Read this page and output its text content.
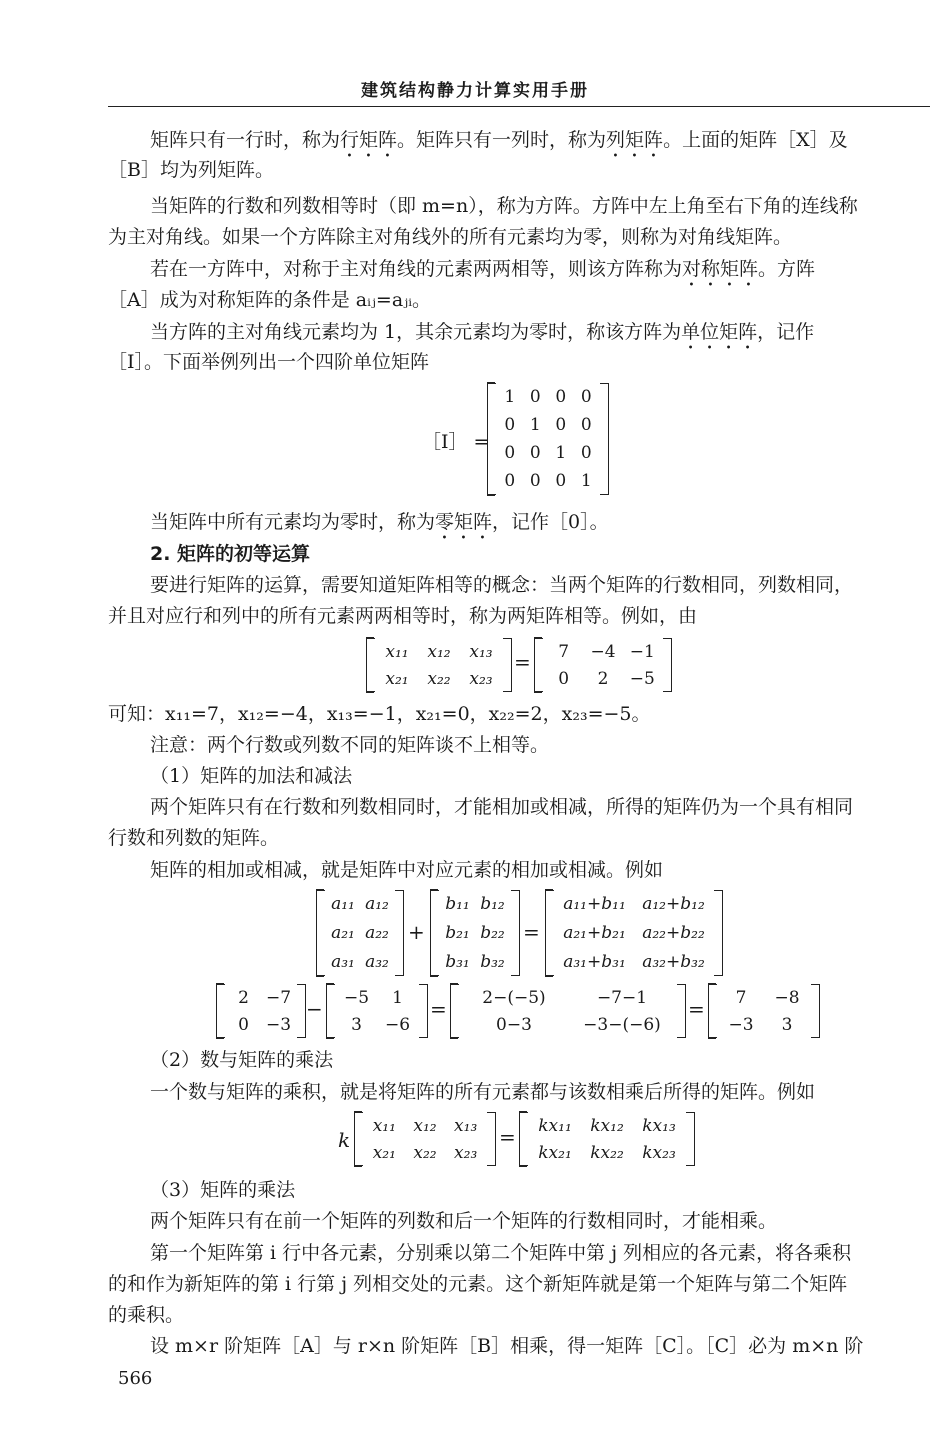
建筑结构静力计算实用手册
矩阵只有一行时，称为行矩阵。矩阵只有一列时，称为列矩阵。上面的矩阵［X］及
［B］均为列矩阵。
当矩阵的行数和列数相等时（即 m=n），称为方阵。方阵中左上角至右下角的连线称
为主对角线。如果一个方阵除主对角线外的所有元素均为零，则称为对角线矩阵。
若在一方阵中，对称于主对角线的元素两两相等，则该方阵称为对称矩阵。方阵
［A］成为对称矩阵的条件是 aᵢⱼ=aⱼᵢ。
当方阵的主对角线元素均为 1，其余元素均为零时，称该方阵为单位矩阵，记作
［I］。下面举例列出一个四阶单位矩阵
［I］ =
1 0 0 0
0 1 0 0
0 0 1 0
0 0 0 1
当矩阵中所有元素均为零时，称为零矩阵，记作［0］。
2. 矩阵的初等运算
要进行矩阵的运算，需要知道矩阵相等的概念：当两个矩阵的行数相同，列数相同，
并且对应行和列中的所有元素两两相等时，称为两矩阵相等。例如，由
x₁₁ x₁₂ x₁₃
x₂₁ x₂₂ x₂₃
= 7 −4 −1
0 2 −5
可知：x₁₁=7，x₁₂=−4，x₁₃=−1，x₂₁=0，x₂₂=2，x₂₃=−5。
注意：两个行数或列数不同的矩阵谈不上相等。
（1）矩阵的加法和减法
两个矩阵只有在行数和列数相同时，才能相加或相减，所得的矩阵仍为一个具有相同
行数和列数的矩阵。
矩阵的相加或相减，就是矩阵中对应元素的相加或相减。例如
a₁₁ a₁₂
a₂₁ a₂₂
a₃₁ a₃₂
+
b₁₁ b₁₂
b₂₁ b₂₂
b₃₁ b₃₂
=
a₁₁+b₁₁ a₁₂+b₁₂
a₂₁+b₂₁ a₂₂+b₂₂
a₃₁+b₃₁ a₃₂+b₃₂
2 −7
0 −3
− −5 1
3 −6
= 2−(−5)	−7−1
0−3	−3−(−6)
= 7 −8
−3 3
（2）数与矩阵的乘法
一个数与矩阵的乘积，就是将矩阵的所有元素都与该数相乘后所得的矩阵。例如
k
x₁₁ x₁₂ x₁₃
x₂₁ x₂₂ x₂₃
= kx₁₁ kx₁₂ kx₁₃
kx₂₁ kx₂₂ kx₂₃
（3）矩阵的乘法
两个矩阵只有在前一个矩阵的列数和后一个矩阵的行数相同时，才能相乘。
第一个矩阵第 i 行中各元素，分别乘以第二个矩阵中第 j 列相应的各元素，将各乘积
的和作为新矩阵的第 i 行第 j 列相交处的元素。这个新矩阵就是第一个矩阵与第二个矩阵
的乘积。
设 m×r 阶矩阵［A］与 r×n 阶矩阵［B］相乘，得一矩阵［C］。［C］必为 m×n 阶
566
